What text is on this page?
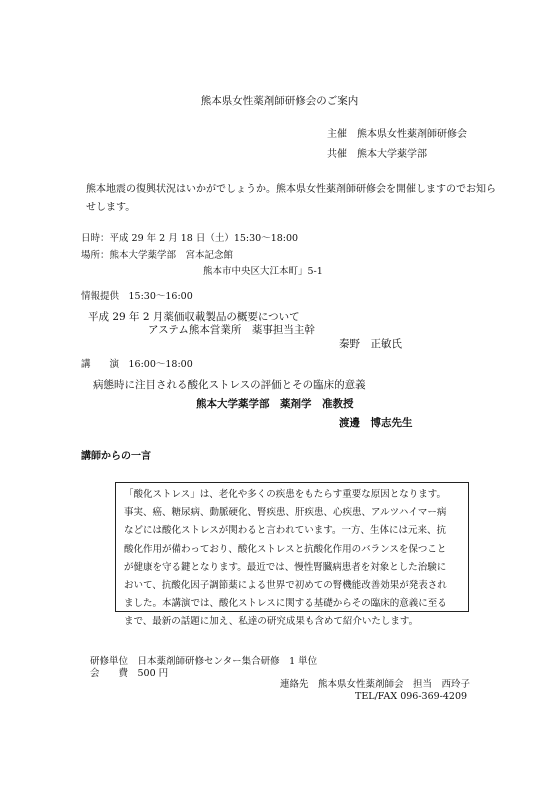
熊本県女性薬剤師研修会のご案内
主催 熊本県女性薬剤師研修会
共催 熊本大学薬学部
熊本地震の復興状況はいかがでしょうか。熊本県女性薬剤師研修会を開催しますのでお知らせします。
日時：平成 29 年 2 月 18 日（土）15:30～18:00
場所：熊本大学薬学部　宮本記念館
熊本市中央区大江本町」5-1
情報提供　15:30～16:00
平成 29 年 2 月薬価収載製品の概要について
アステム熊本営業所　薬事担当主幹
秦野　正敏氏
講　　演　16:00～18:00
病態時に注目される酸化ストレスの評価とその臨床的意義
熊本大学薬学部　薬剤学　准教授
渡邊　博志先生
講師からの一言
「酸化ストレス」は、老化や多くの疾患をもたらす重要な原因となります。
事実、癌、糖尿病、動脈硬化、腎疾患、肝疾患、心疾患、アルツハイマー病
などには酸化ストレスが関わると言われています。一方、生体には元来、抗
酸化作用が備わっており、酸化ストレスと抗酸化作用のバランスを保つこと
が健康を守る鍵となります。最近では、慢性腎臓病患者を対象とした治験に
おいて、抗酸化因子調節薬による世界で初めての腎機能改善効果が発表され
ました。本講演では、酸化ストレスに関する基礎からその臨床的意義に至る
まで、最新の話題に加え、私達の研究成果も含めて紹介いたします。
研修単位　日本薬剤師研修センター集合研修　1 単位
会　　費　500 円
連絡先　熊本県女性薬剤師会　担当　西玲子
TEL/FAX 096-369-4209
